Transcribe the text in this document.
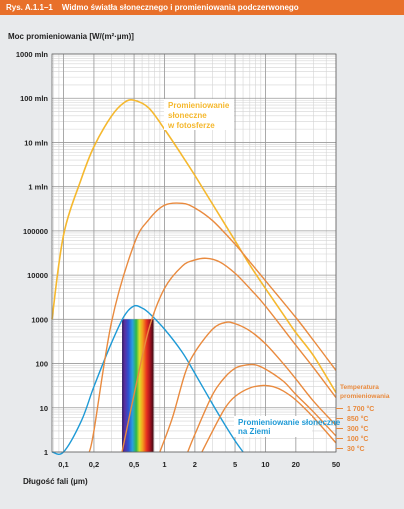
Rys. A.1.1–1 Widmo światła słonecznego i promieniowania podczerwonego
Moc promieniowania [W/(m²·µm)]
Długość fali (µm)
1
10
100
1000
10000
100000
1 mln
10 mln
100 mln
1000 mln
0,1	0,2	0,5	1	2	5	10	20	50
Promieniowanie
słoneczne
w fotosferze
Promieniowanie słoneczne
na Ziemi
Temperatura
promieniowania
1 700 °C
850 °C
300 °C
100 °C
30 °C
